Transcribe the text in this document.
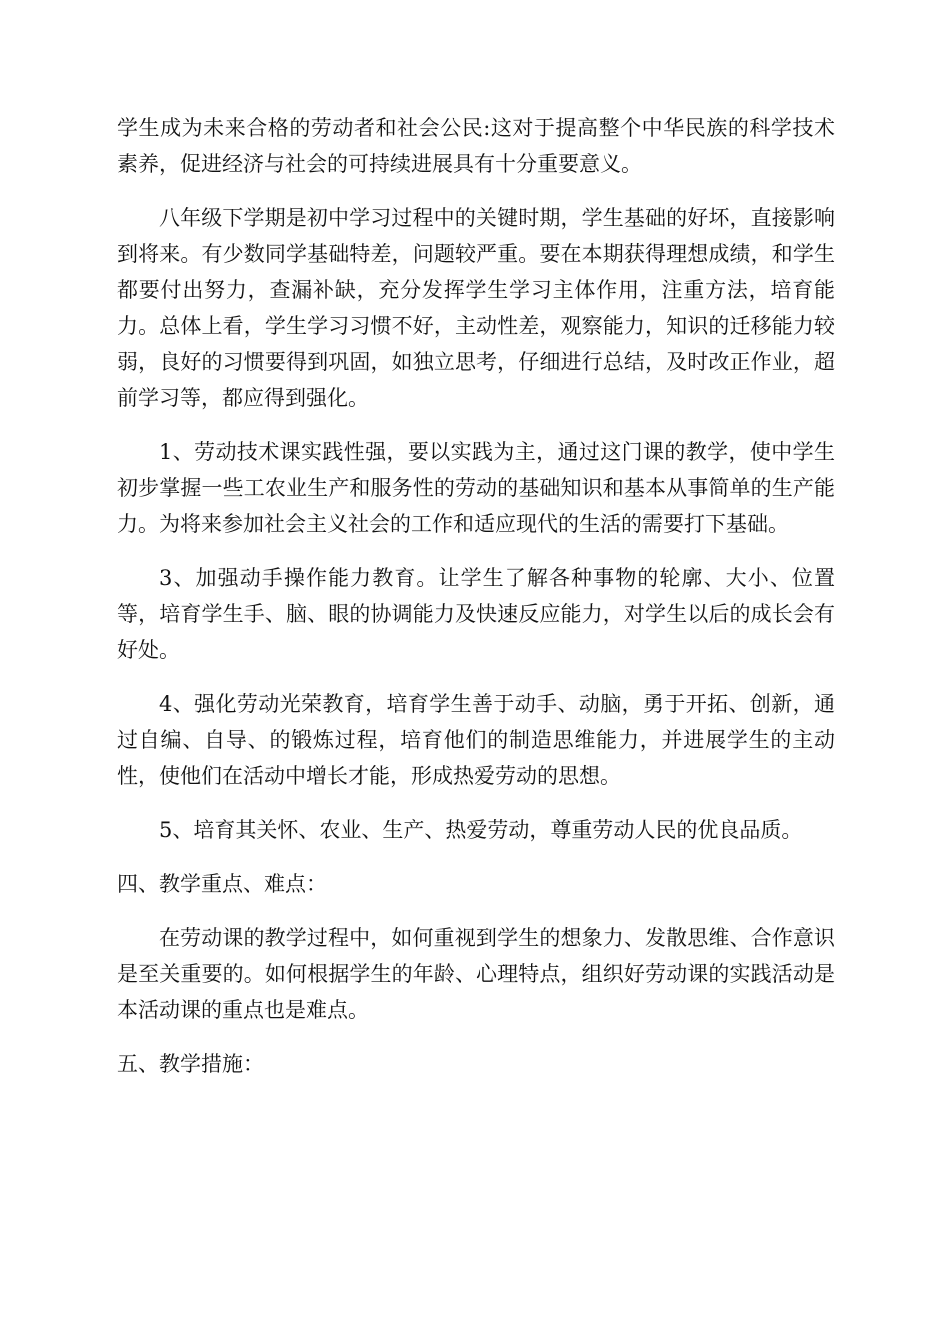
学生成为未来合格的劳动者和社会公民:这对于提高整个中华民族的科学技术素养，促进经济与社会的可持续进展具有十分重要意义。

八年级下学期是初中学习过程中的关键时期，学生基础的好坏，直接影响到将来。有少数同学基础特差，问题较严重。要在本期获得理想成绩，和学生都要付出努力，查漏补缺，充分发挥学生学习主体作用，注重方法，培育能力。总体上看，学生学习习惯不好，主动性差，观察能力，知识的迁移能力较弱，良好的习惯要得到巩固，如独立思考，仔细进行总结，及时改正作业，超前学习等，都应得到强化。

1、劳动技术课实践性强，要以实践为主，通过这门课的教学，使中学生初步掌握一些工农业生产和服务性的劳动的基础知识和基本从事简单的生产能力。为将来参加社会主义社会的工作和适应现代的生活的需要打下基础。

3、加强动手操作能力教育。让学生了解各种事物的轮廓、大小、位置等，培育学生手、脑、眼的协调能力及快速反应能力，对学生以后的成长会有好处。

4、强化劳动光荣教育，培育学生善于动手、动脑，勇于开拓、创新，通过自编、自导、的锻炼过程，培育他们的制造思维能力，并进展学生的主动性，使他们在活动中增长才能，形成热爱劳动的思想。

5、培育其关怀、农业、生产、热爱劳动，尊重劳动人民的优良品质。

四、教学重点、难点：

在劳动课的教学过程中，如何重视到学生的想象力、发散思维、合作意识是至关重要的。如何根据学生的年龄、心理特点，组织好劳动课的实践活动是本活动课的重点也是难点。

五、教学措施：
